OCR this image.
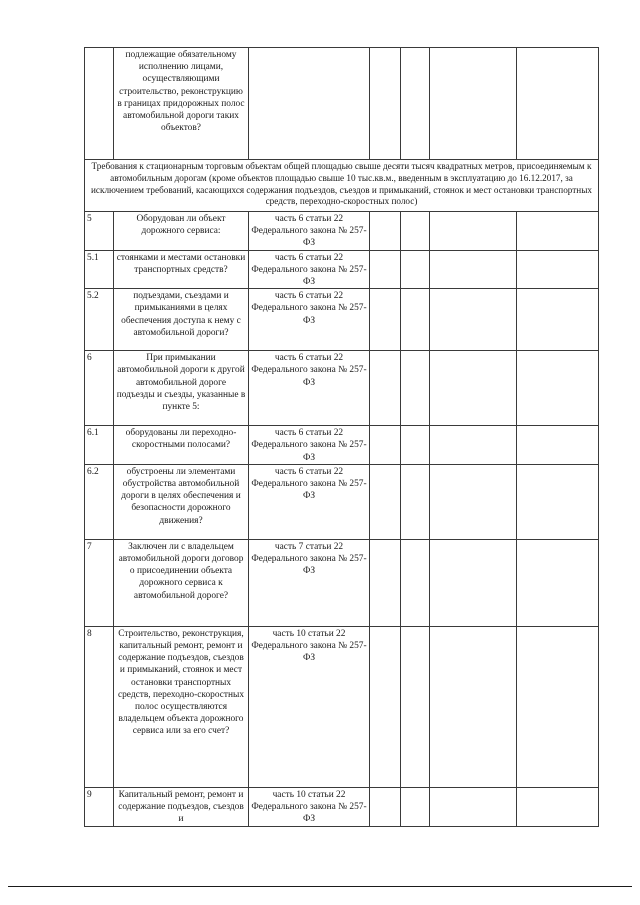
	подлежащие обязательному исполнению лицами, осуществляющими строительство, реконструкцию в границах придорожных полос автомобильной дороги таких объектов?					
Требования к стационарным торговым объектам общей площадью свыше десяти тысяч квадратных метров, присоединяемым к автомобильным дорогам (кроме объектов площадью свыше 10 тыс.кв.м., введенным в эксплуатацию до 16.12.2017, за исключением требований, касающихся содержания подъездов, съездов и примыканий, стоянок и мест остановки транспортных средств, переходно-скоростных полос)						
5	Оборудован ли объект дорожного сервиса:	часть 6 статьи 22 Федерального закона № 257-ФЗ				
5.1	стоянками и местами остановки транспортных средств?	часть 6 статьи 22 Федерального закона № 257-ФЗ				
5.2	подъездами, съездами и примыканиями в целях обеспечения доступа к нему с автомобильной дороги?	часть 6 статьи 22 Федерального закона № 257-ФЗ				
6	При примыкании автомобильной дороги к другой автомобильной дороге подъезды и съезды, указанные в пункте 5:	часть 6 статьи 22 Федерального закона № 257-ФЗ				
6.1	оборудованы ли переходно-скоростными полосами?	часть 6 статьи 22 Федерального закона № 257-ФЗ				
6.2	обустроены ли элементами обустройства автомобильной дороги в целях обеспечения и безопасности дорожного движения?	часть 6 статьи 22 Федерального закона № 257-ФЗ				
7	Заключен ли с владельцем автомобильной дороги договор о присоединении объекта дорожного сервиса к автомобильной дороге?	часть 7 статьи 22 Федерального закона № 257-ФЗ				
8	Строительство, реконструкция, капитальный ремонт, ремонт и содержание подъездов, съездов и примыканий, стоянок и мест остановки транспортных средств, переходно-скоростных полос осуществляются владельцем объекта дорожного сервиса или за его счет?	часть 10 статьи 22 Федерального закона № 257-ФЗ				
9	Капитальный ремонт, ремонт и содержание подъездов, съездов и	часть 10 статьи 22 Федерального закона № 257-ФЗ				
